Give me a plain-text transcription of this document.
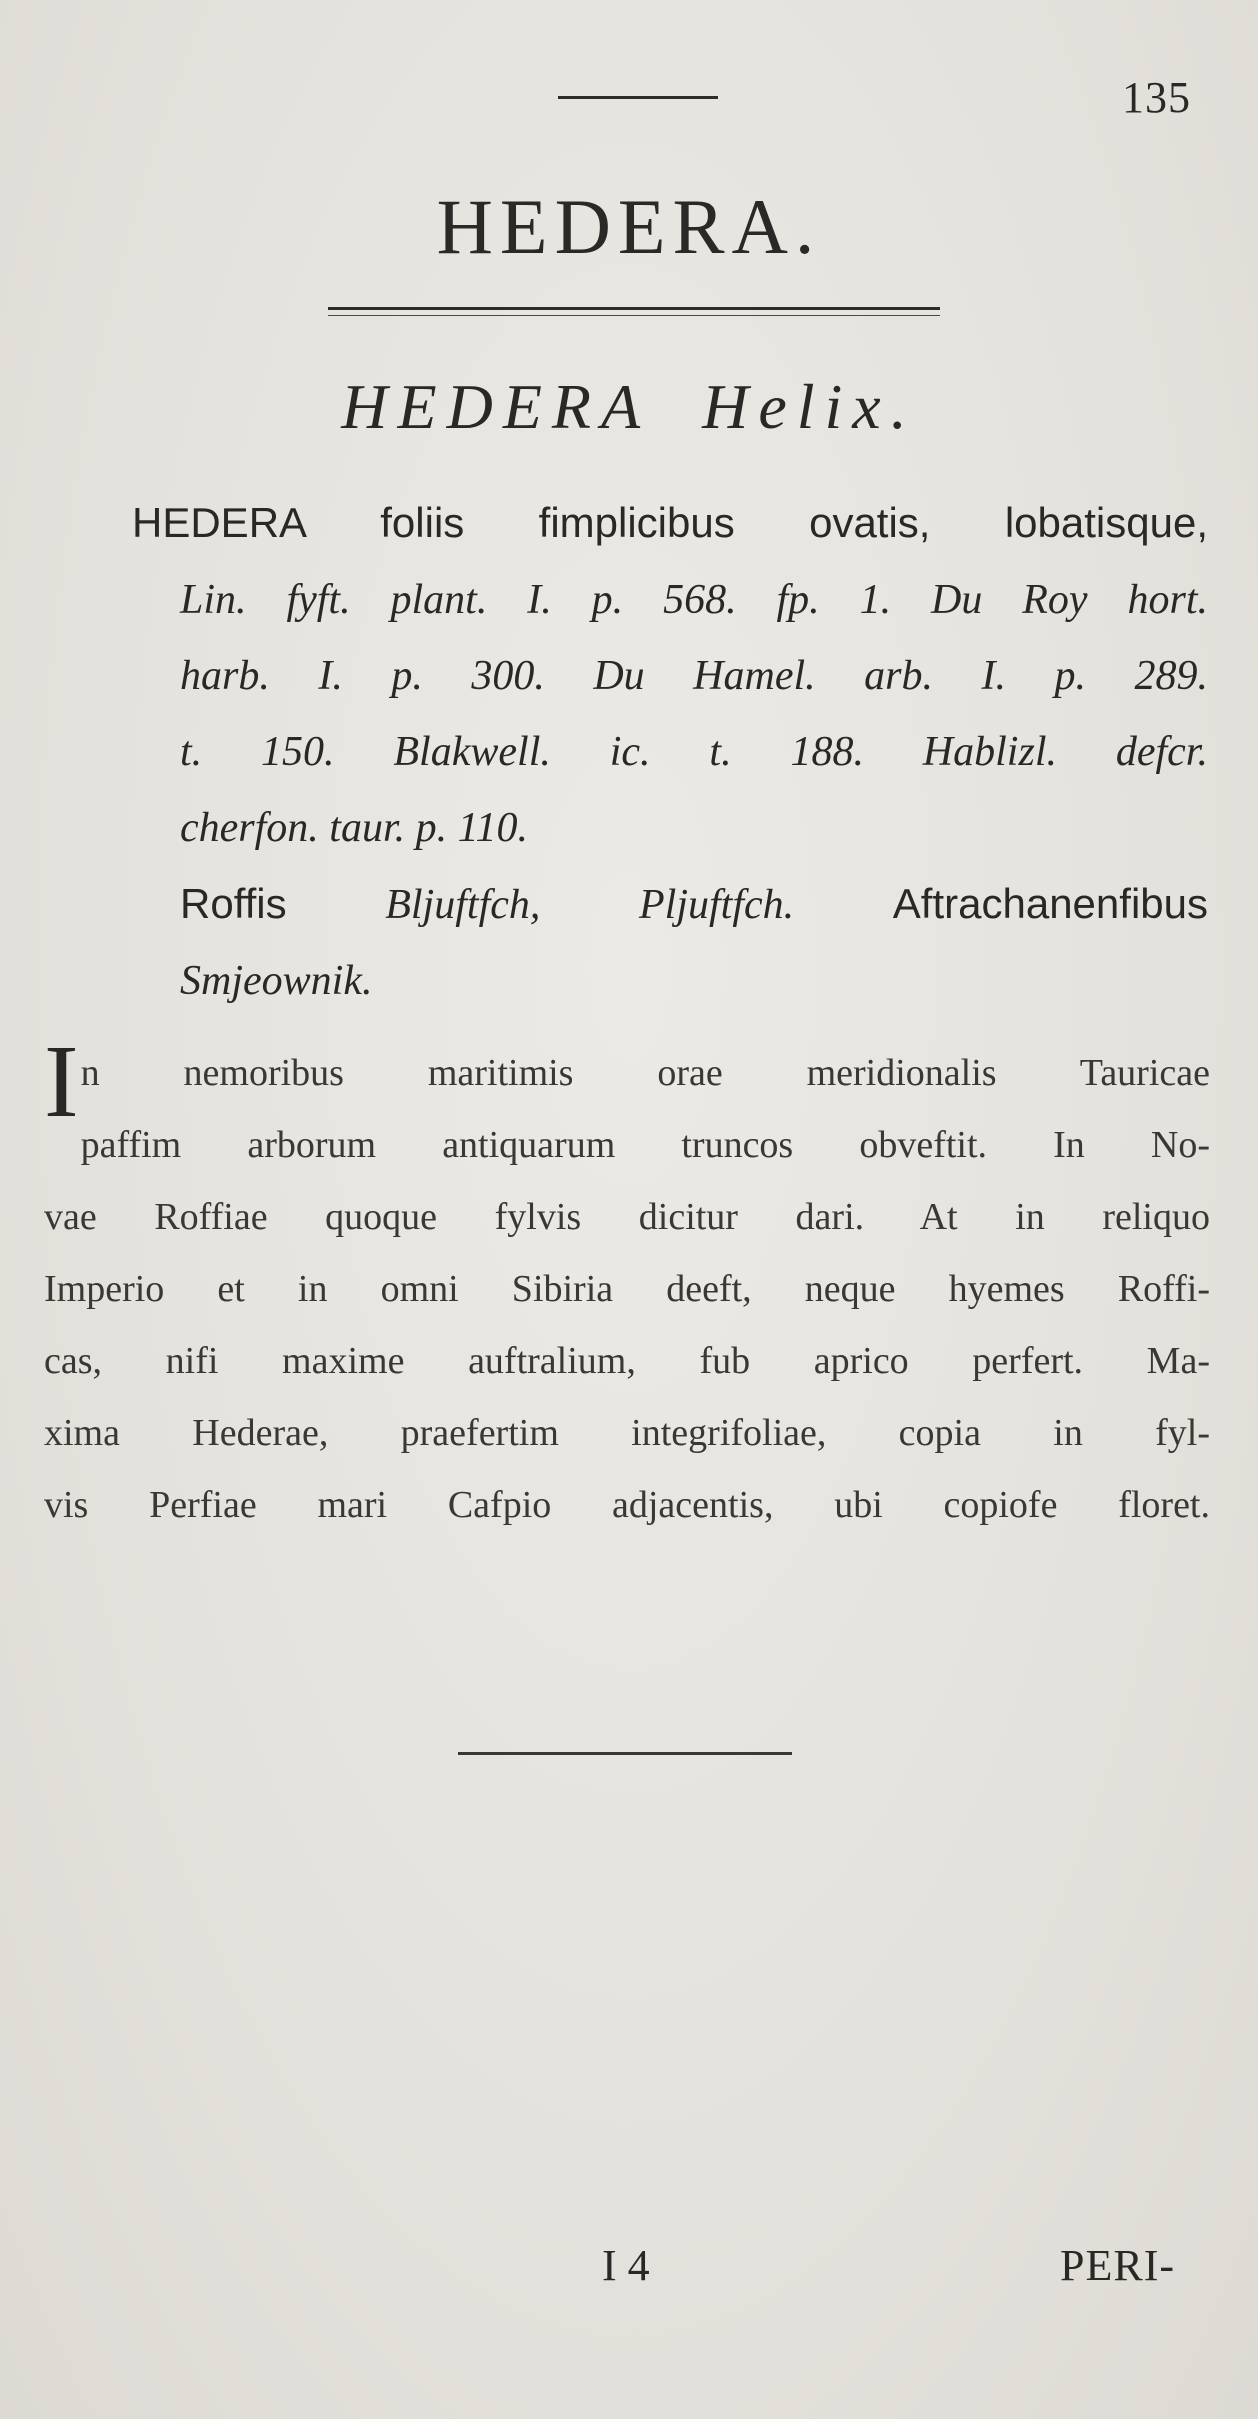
135
HEDERA.
HEDERA Helix.
HEDERA foliis fimplicibus ovatis, lobatisque,
Lin. fyft. plant. I. p. 568. fp. 1. Du Roy hort.
harb. I. p. 300. Du Hamel. arb. I. p. 289.
t. 150. Blakwell. ic. t. 188. Hablizl. defcr.
cherfon. taur. p. 110.
Roffis Bljuftfch, Pljuftfch. Aftrachanenfibus
Smjeownik.
I n nemoribus maritimis orae meridionalis Tauricae
paffim arborum antiquarum truncos obveftit. In No-
vae Roffiae quoque fylvis dicitur dari. At in reliquo
Imperio et in omni Sibiria deeft, neque hyemes Roffi-
cas, nifi maxime auftralium, fub aprico perfert. Ma-
xima Hederae, praefertim integrifoliae, copia in fyl-
vis Perfiae mari Cafpio adjacentis, ubi copiofe floret.
I 4	PERI-
